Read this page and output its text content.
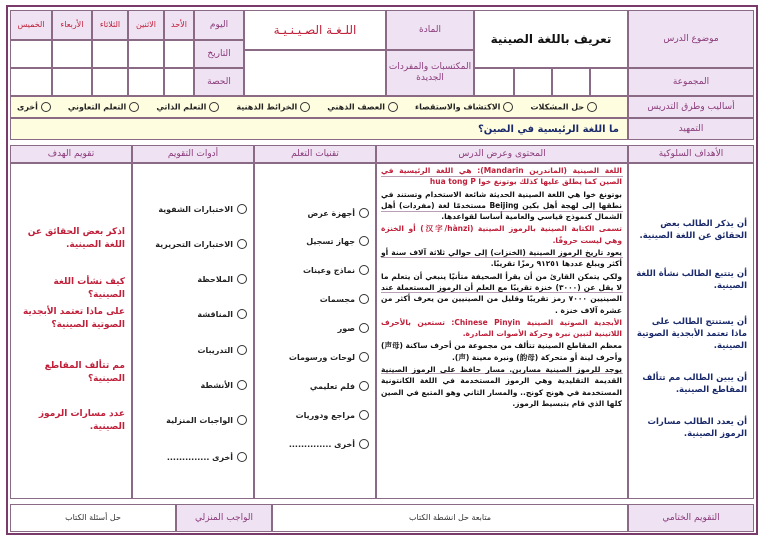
موضوع الدرس
تعريف باللغة الصينية
المادة
اللـغـة الصـيـنـيـة
اليوم
الأحد
الاثنين
الثلاثاء
الأربعاء
الخميس
التاريخ
المكتسبات والمفردات الجديدة	المجموعة
الحصة
أساليب وطرق التدريس
حل المشكلات
الاكتشاف والاستقصاء
العصف الذهني
الخرائط الذهنية
التعلم الذاتي
التعلم التعاوني
أخرى
التمهيد
ما اللغة الرئيسية في الصين؟
الأهداف السلوكية
المحتوى وعرض الدرس
تقنيات التعلم
أدوات التقويم
تقويم الهدف
أن يذكر الطالب بعض الحقائق عن اللغة الصينية.
أن يتتبع الطالب نشأة اللغة الصينية.
أن يستنتج الطالب على ماذا تعتمد الأبجدية الصوتية الصينية.
أن يبين الطالب مم تتألف المقاطع الصينية.
أن يعدد الطالب مسارات الرموز الصينية.
اللغة الصينية (الماندرين Mandarin): هي اللغة الرئيسية في الصين كما يطلق عليها كذلك بوتونغ خوا hua tong P
بوتونغ خوا هي اللغة الصينية الحديثة شائعة الاستخدام وتستند في نطقها إلى لهجة أهل بكين Beijing مستخدمًا لغة (مفردات) أهل الشمال كنموذج قياسي والعامية أساسا لقواعدها.
تسمى الكتابة الصينية بالرموز الصينية (汉字/hànzi) أو الخنزة وهي ليست حروفًا.
يعود تاريخ الرموز الصينية (الخنزات) إلى حوالي ثلاثة آلاف سنة أو أكثر ويبلغ عددها ٩١٢٥١ رمزًا تقريبًا.
ولكي يتمكن القارئ من أن يقرأ الصحيفة متأنيًا ينبغي أن يتعلم ما لا يقل عن (٣٠٠٠) خنزة تقريبًا مع العلم أن الرموز المستعملة عند الصينيين ٧٠٠٠ رمز تقريبًا وقليل من الصينيين من يعرف أكثر من عشرة آلاف خنزة .
الأبجدية الصوتية الصينية Chinese Pinyin: تستعين بالأحرف اللاتينية لتبين نبرة وحركة الأصوات الصادرة.
معظم المقاطع الصينية تتألف من مجموعة من أحرف ساكنة (声母) وأحرف لينة أو متحركة (韵母) ونبرة معينة (声).
يوجد للرموز الصينية مساربن. مسار حافظ على الرموز الصينية القديمة التقليدية وهي الرموز المستخدمة في اللغة الكانتونية المستخدمة في هونج كونج.. والمسار الثاني وهو المتبع في الصين كلها الذي قام بتبسيط الرموز.
أجهزة عرض
جهاز تسجيل
نماذج وعينات
مجسمات
صور
لوحات ورسومات
فلم تعليمي
مراجع ودوريات
أخرى ..............
الاختبارات الشفوية
الاختبارات التحريرية
الملاحظة
المناقشة
التدريبات
الأنشطة
الواجبات المنزلية
أخرى ..............
اذكر بعض الحقائق عن اللغة الصينية.
كيف نشأت اللغة الصينية؟
على ماذا تعتمد الأبجدية الصوتية الصينية؟
مم تتألف المقاطع الصينية؟
عدد مسارات الرموز الصينية.
التقويم الختامي
متابعة حل انشطة الكتاب
الواجب المنزلي
حل أسئلة الكتاب
